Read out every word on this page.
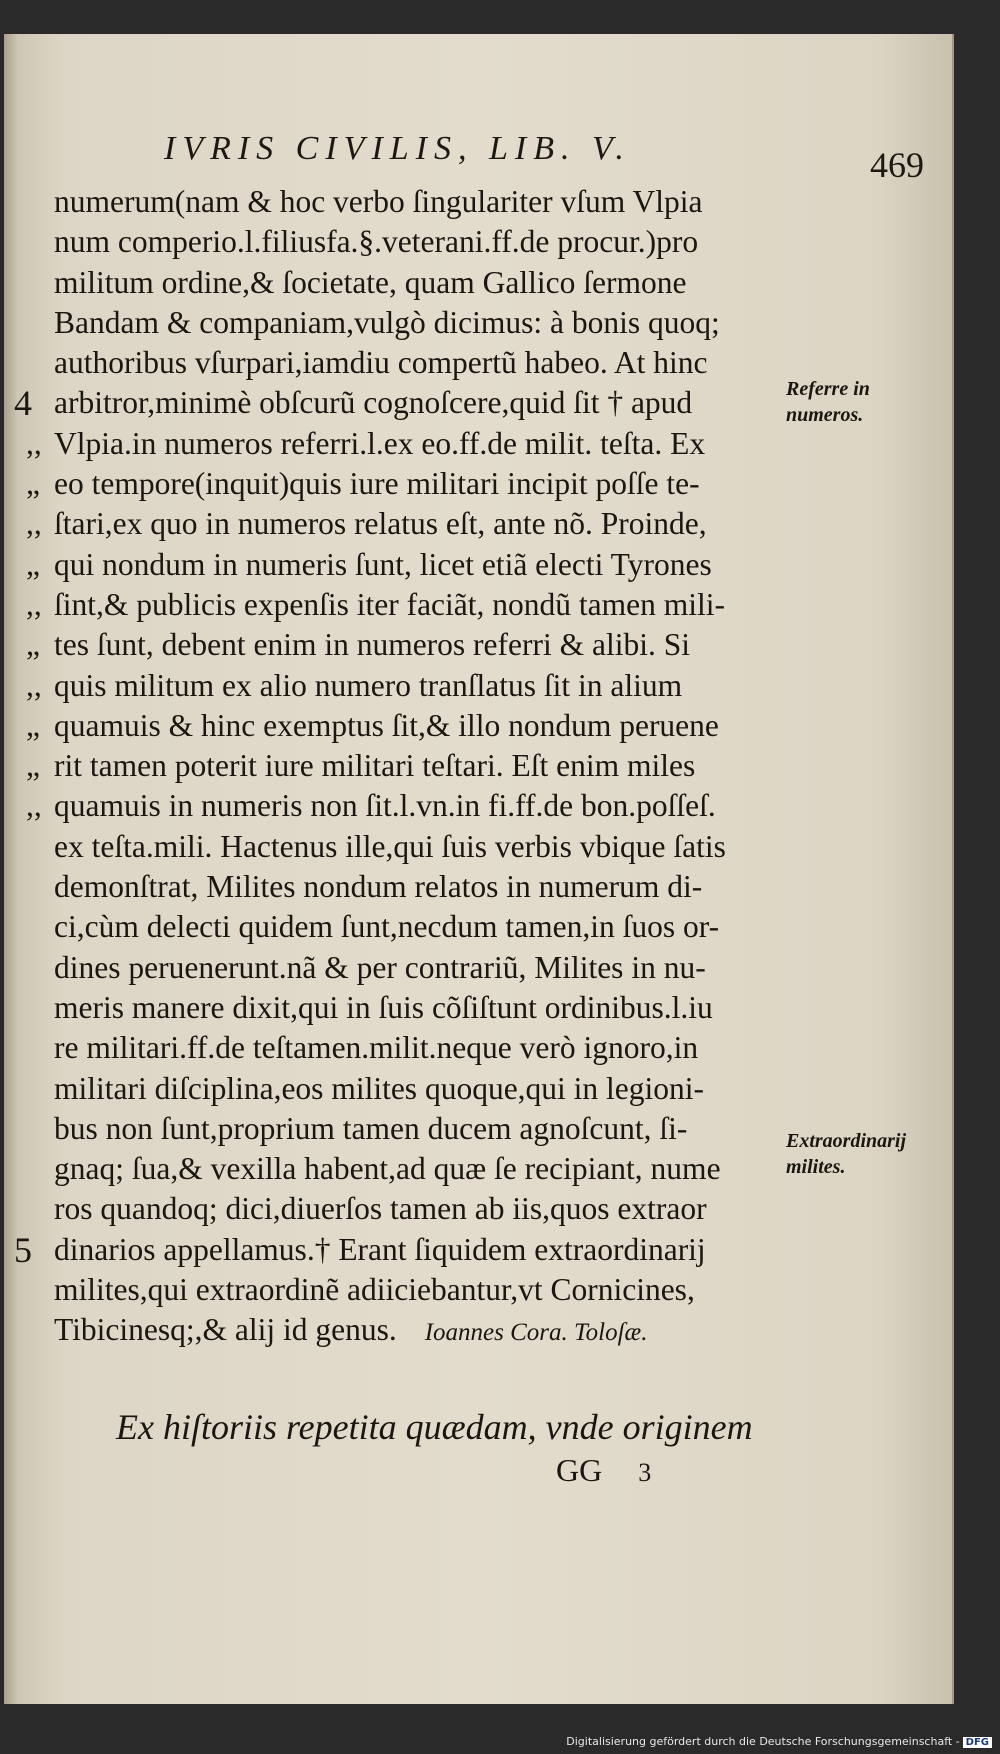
IVRIS CIVILIS, LIB. V.	469
numerum(nam & hoc verbo ſingulariter vſum Vlpia
num comperio.l.filiusfa.§.veterani.ff.de procur.)pro
militum ordine,& ſocietate, quam Gallico ſermone
Bandam & companiam,vulgò dicimus: à bonis quoq;
authoribus vſurpari,iamdiu compertũ habeo. At hinc
4 arbitror,minimè obſcurũ cognoſcere,quid ſit † apud
,, Vlpia.in numeros referri.l.ex eo.ff.de milit. teſta. Ex
„ eo tempore(inquit)quis iure militari incipit poſſe te-
,, ſtari,ex quo in numeros relatus eſt, ante nõ. Proinde,
„ qui nondum in numeris ſunt, licet etiã electi Tyrones
,, ſint,& publicis expenſis iter faciãt, nondũ tamen mili-
„ tes ſunt, debent enim in numeros referri & alibi. Si
,, quis militum ex alio numero tranſlatus ſit in alium
„ quamuis & hinc exemptus ſit,& illo nondum peruene
„ rit tamen poterit iure militari teſtari. Eſt enim miles
,, quamuis in numeris non ſit.l.vn.in fi.ff.de bon.poſſeſ.
ex teſta.mili. Hactenus ille,qui ſuis verbis vbique ſatis
demonſtrat, Milites nondum relatos in numerum di-
ci,cùm delecti quidem ſunt,necdum tamen,in ſuos or-
dines peruenerunt.nã & per contrariũ, Milites in nu-
meris manere dixit,qui in ſuis cõſiſtunt ordinibus.l.iu
re militari.ff.de teſtamen.milit.neque verò ignoro,in
militari diſciplina,eos milites quoque,qui in legioni-
bus non ſunt,proprium tamen ducem agnoſcunt, ſi-
gnaq; ſua,& vexilla habent,ad quæ ſe recipiant, nume
ros quandoq; dici,diuerſos tamen ab iis,quos extraor
5 dinarios appellamus.† Erant ſiquidem extraordinarij
milites,qui extraordinẽ adiiciebantur,vt Cornicines,
Tibicinesq;,& alij id genus. Ioannes Cora. Toloſæ.
Referre in numeros.
Extraordinarij milites.
Ex hiſtoriis repetita quædam, vnde originem
GG 3
Digitalisierung gefördert durch die Deutsche Forschungsgemeinschaft - DFG
